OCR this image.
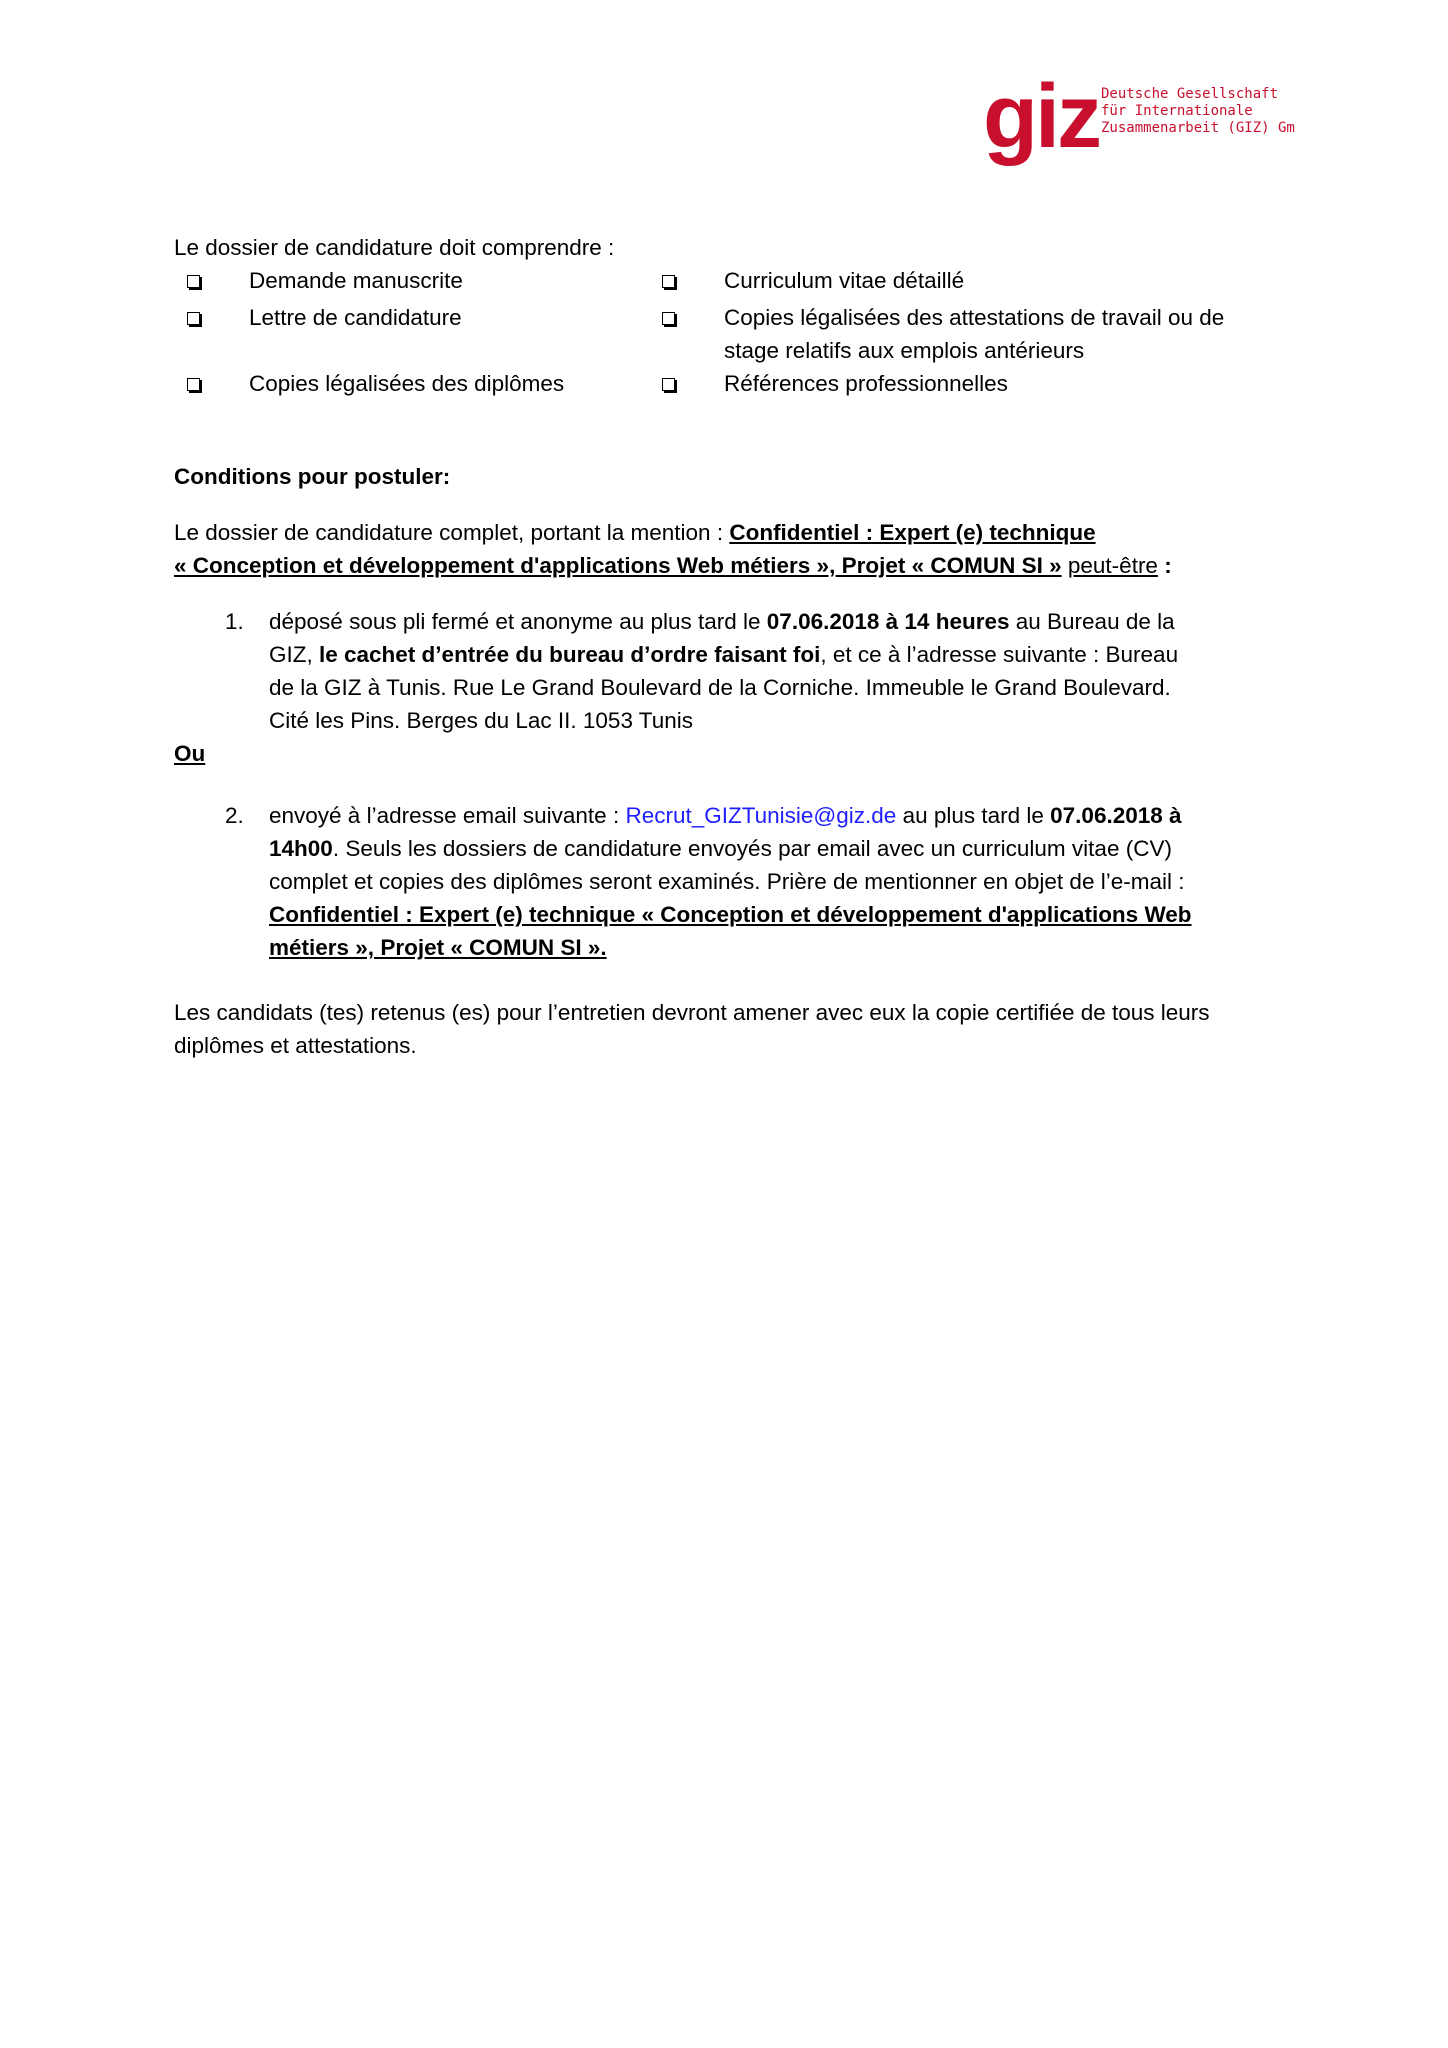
giz Deutsche Gesellschaft
für Internationale
Zusammenarbeit (GIZ) Gm
Le dossier de candidature doit comprendre :
Demande manuscrite	Curriculum vitae détaillé
Lettre de candidature	Copies légalisées des attestations de travail ou de
stage relatifs aux emplois antérieurs
Copies légalisées des diplômes	Références professionnelles
Conditions pour postuler:
Le dossier de candidature complet, portant la mention : Confidentiel : Expert (e) technique
« Conception et développement d'applications Web métiers », Projet « COMUN SI » peut-être :
1. déposé sous pli fermé et anonyme au plus tard le 07.06.2018 à 14 heures au Bureau de la
GIZ, le cachet d’entrée du bureau d’ordre faisant foi, et ce à l’adresse suivante : Bureau
de la GIZ à Tunis. Rue Le Grand Boulevard de la Corniche. Immeuble le Grand Boulevard.
Cité les Pins. Berges du Lac II. 1053 Tunis
Ou
2. envoyé à l’adresse email suivante : Recrut_GIZTunisie@giz.de au plus tard le 07.06.2018 à
14h00. Seuls les dossiers de candidature envoyés par email avec un curriculum vitae (CV)
complet et copies des diplômes seront examinés. Prière de mentionner en objet de l’e-mail :
Confidentiel : Expert (e) technique « Conception et développement d'applications Web
métiers », Projet « COMUN SI ».
Les candidats (tes) retenus (es) pour l’entretien devront amener avec eux la copie certifiée de tous leurs
diplômes et attestations.
